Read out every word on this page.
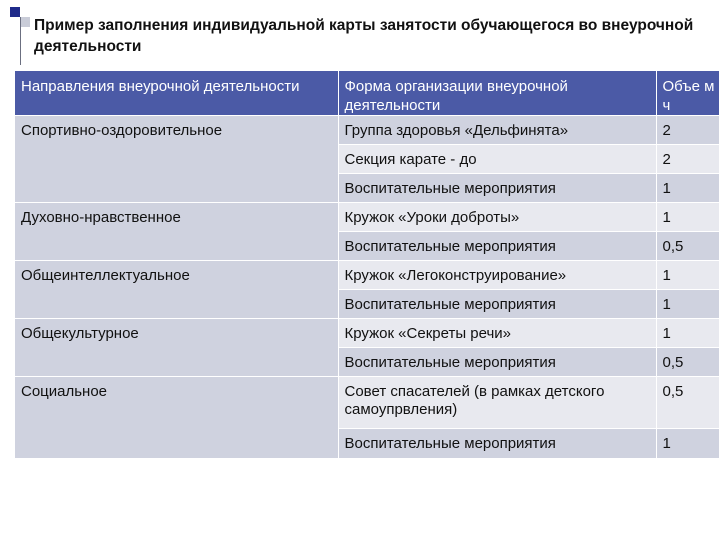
Пример заполнения индивидуальной карты занятости обучающегося во внеурочной деятельности
Направления внеурочной деятельности	Форма организации внеурочной деятельности	Объе м ч
Спортивно-оздоровительное	Группа здоровья «Дельфинята»	2
	Секция карате - до	2
	Воспитательные мероприятия	1
Духовно-нравственное	Кружок «Уроки доброты»	1
	Воспитательные мероприятия	0,5
Общеинтеллектуальное	Кружок «Легоконструирование»	1
	Воспитательные мероприятия	1
Общекультурное	Кружок «Секреты речи»	1
	Воспитательные мероприятия	0,5
Социальное	Совет спасателей (в рамках детского самоупрвления)	0,5
	Воспитательные мероприятия	1
